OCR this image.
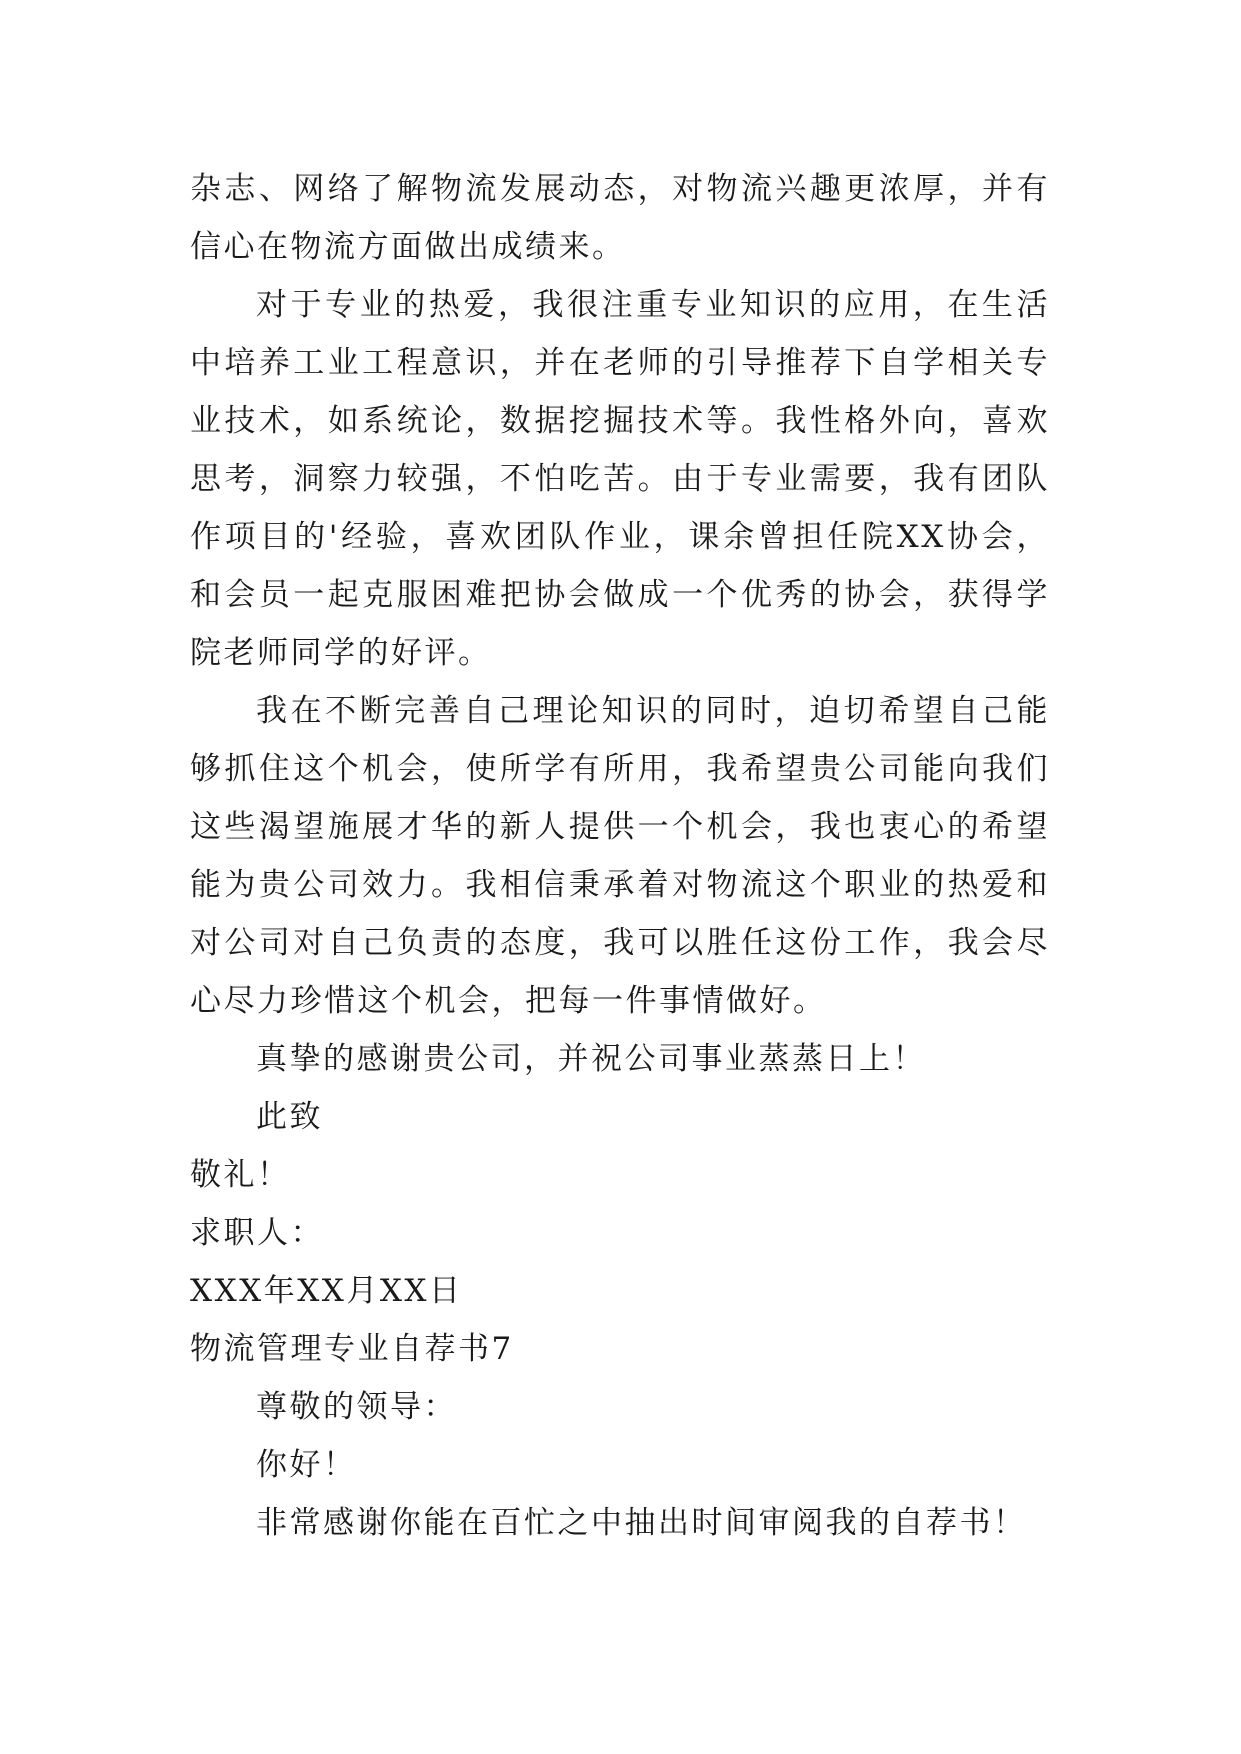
杂志、网络了解物流发展动态，对物流兴趣更浓厚，并有信心在物流方面做出成绩来。

对于专业的热爱，我很注重专业知识的应用，在生活中培养工业工程意识，并在老师的引导推荐下自学相关专业技术，如系统论，数据挖掘技术等。我性格外向，喜欢思考，洞察力较强，不怕吃苦。由于专业需要，我有团队作项目的'经验，喜欢团队作业，课余曾担任院XX协会，和会员一起克服困难把协会做成一个优秀的协会，获得学院老师同学的好评。

我在不断完善自己理论知识的同时，迫切希望自己能够抓住这个机会，使所学有所用，我希望贵公司能向我们这些渴望施展才华的新人提供一个机会，我也衷心的希望能为贵公司效力。我相信秉承着对物流这个职业的热爱和对公司对自己负责的态度，我可以胜任这份工作，我会尽心尽力珍惜这个机会，把每一件事情做好。

真挚的感谢贵公司，并祝公司事业蒸蒸日上！

此致

敬礼！

求职人：

XXX年XX月XX日

物流管理专业自荐书7

尊敬的领导：

你好！

非常感谢你能在百忙之中抽出时间审阅我的自荐书！
